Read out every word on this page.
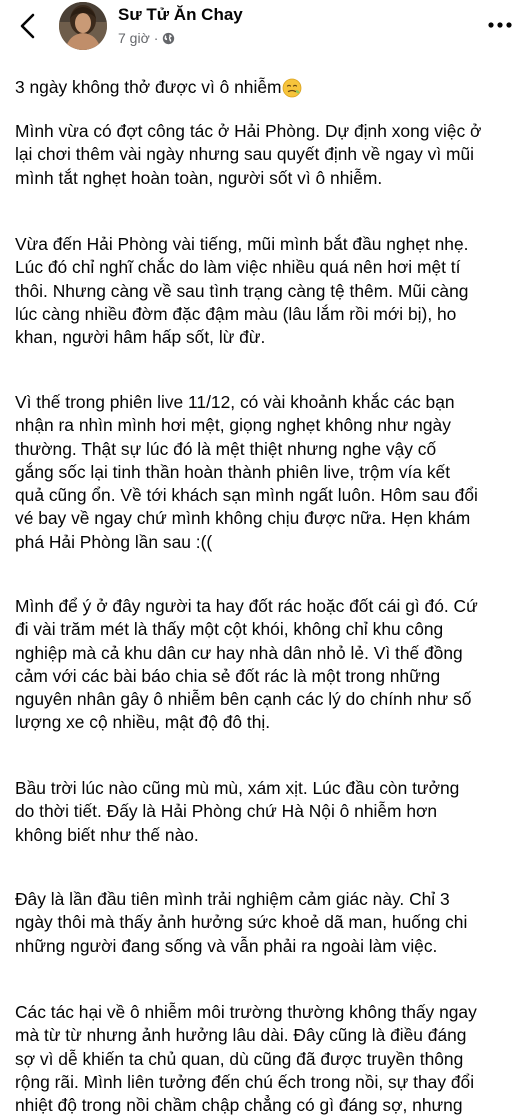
Sư Tử Ăn Chay
7 giờ ·
3 ngày không thở được vì ô nhiễm
Mình vừa có đợt công tác ở Hải Phòng. Dự định xong việc ở
lại chơi thêm vài ngày nhưng sau quyết định về ngay vì mũi
mình tắt nghẹt hoàn toàn, người sốt vì ô nhiễm.
Vừa đến Hải Phòng vài tiếng, mũi mình bắt đầu nghẹt nhẹ.
Lúc đó chỉ nghĩ chắc do làm việc nhiều quá nên hơi mệt tí
thôi. Nhưng càng về sau tình trạng càng tệ thêm. Mũi càng
lúc càng nhiều đờm đặc đậm màu (lâu lắm rồi mới bị), ho
khan, người hâm hấp sốt, lừ đừ.
Vì thế trong phiên live 11/12, có vài khoảnh khắc các bạn
nhận ra nhìn mình hơi mệt, giọng nghẹt không như ngày
thường. Thật sự lúc đó là mệt thiệt nhưng nghe vậy cố
gắng sốc lại tinh thần hoàn thành phiên live, trộm vía kết
quả cũng ổn. Về tới khách sạn mình ngất luôn. Hôm sau đổi
vé bay về ngay chứ mình không chịu được nữa. Hẹn khám
phá Hải Phòng lần sau :((
Mình để ý ở đây người ta hay đốt rác hoặc đốt cái gì đó. Cứ
đi vài trăm mét là thấy một cột khói, không chỉ khu công
nghiệp mà cả khu dân cư hay nhà dân nhỏ lẻ. Vì thế đồng
cảm với các bài báo chia sẻ đốt rác là một trong những
nguyên nhân gây ô nhiễm bên cạnh các lý do chính như số
lượng xe cộ nhiều, mật độ đô thị.
Bầu trời lúc nào cũng mù mù, xám xịt. Lúc đầu còn tưởng
do thời tiết. Đấy là Hải Phòng chứ Hà Nội ô nhiễm hơn
không biết như thế nào.
Đây là lần đầu tiên mình trải nghiệm cảm giác này. Chỉ 3
ngày thôi mà thấy ảnh hưởng sức khoẻ dã man, huống chi
những người đang sống và vẫn phải ra ngoài làm việc.
Các tác hại về ô nhiễm môi trường thường không thấy ngay
mà từ từ nhưng ảnh hưởng lâu dài. Đây cũng là điều đáng
sợ vì dễ khiến ta chủ quan, dù cũng đã được truyền thông
rộng rãi. Mình liên tưởng đến chú ếch trong nồi, sự thay đổi
nhiệt độ trong nồi chầm chập chẳng có gì đáng sợ, nhưng
